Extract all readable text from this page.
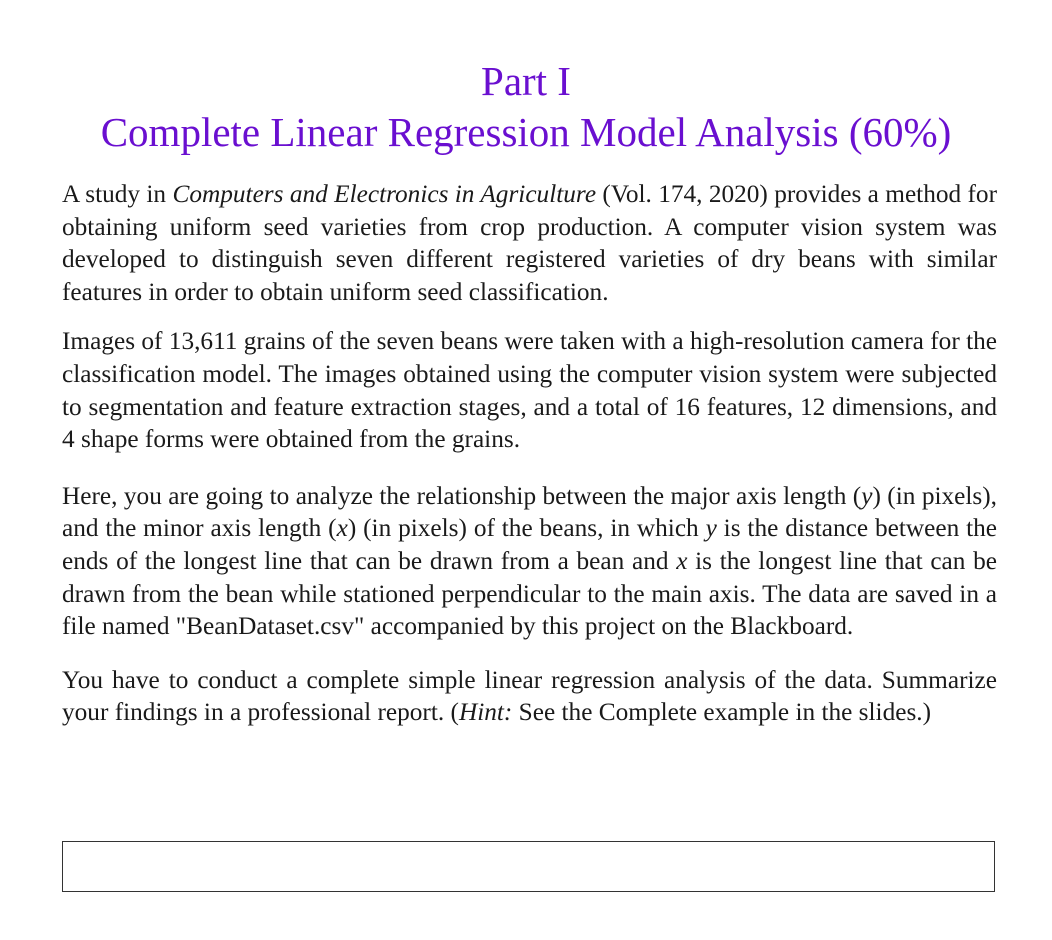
Part I
Complete Linear Regression Model Analysis (60%)

A study in Computers and Electronics in Agriculture (Vol. 174, 2020) provides a method for obtaining uniform seed varieties from crop production. A computer vision system was developed to distinguish seven different registered varieties of dry beans with similar features in order to obtain uniform seed classification.

Images of 13,611 grains of the seven beans were taken with a high-resolution camera for the classification model. The images obtained using the computer vision system were subjected to segmentation and feature extraction stages, and a total of 16 features, 12 dimensions, and 4 shape forms were obtained from the grains.

Here, you are going to analyze the relationship between the major axis length (y) (in pixels), and the minor axis length (x) (in pixels) of the beans, in which y is the distance between the ends of the longest line that can be drawn from a bean and x is the longest line that can be drawn from the bean while stationed perpendicular to the main axis. The data are saved in a file named "BeanDataset.csv" accompanied by this project on the Blackboard.

You have to conduct a complete simple linear regression analysis of the data. Summarize your findings in a professional report. (Hint: See the Complete example in the slides.)
